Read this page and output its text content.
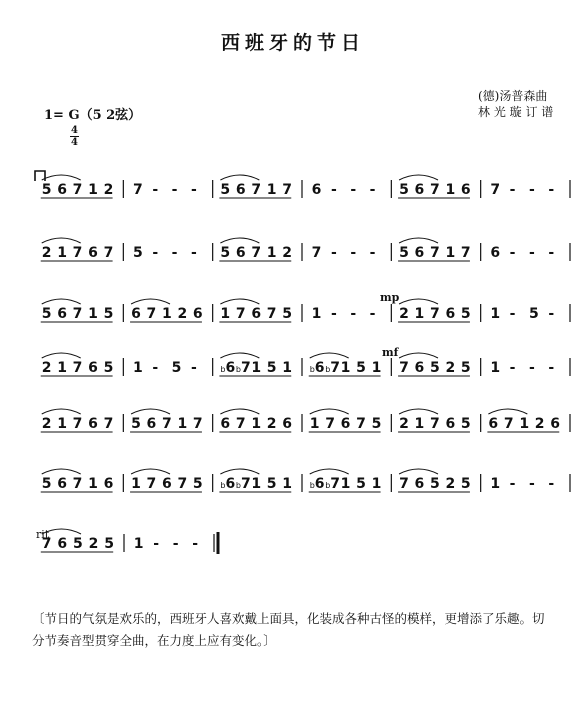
西班牙的节日
(德)汤普森曲
林 光 璇 订 谱
1= G（5 2弦）
4
4
mp
mf
rit
5 6 7 1 2 7 - - - 5 6 7 1 7 6 - - - 5 6 7 1 6 7 - - -
2 1 7 6 7 5 - - - 5 6 7 1 2 7 - - - 5 6 7 1 7 6 - - -
5 6 7 1 5 6 7 1 2 6 1 7 6 7 5 1 - - - 2 1 7 6 5 1 - 5 -
2 1 7 6 5 1 - 5 -	b6 b7 1 5 1 b6 b7 1 5 1 7 6 5 2 5 1 - - -
2 1 7 6 7 5 6 7 1 7 6 7 1 2 6 1 7 6 7 5 2 1 7 6 5 6 7 1 2 6
5 6 7 1 6 1 7 6 7 5 b6 b7 1 5 1 b6 b7 1 5 1 7 6 5 2 5 1 - - -
7 6 5 2 5 1 - - -
〔节日的气氛是欢乐的，西班牙人喜欢戴上面具，化装成各种古怪的模样，更增添了乐趣。切分节奏音型贯穿全曲，在力度上应有变化。〕
